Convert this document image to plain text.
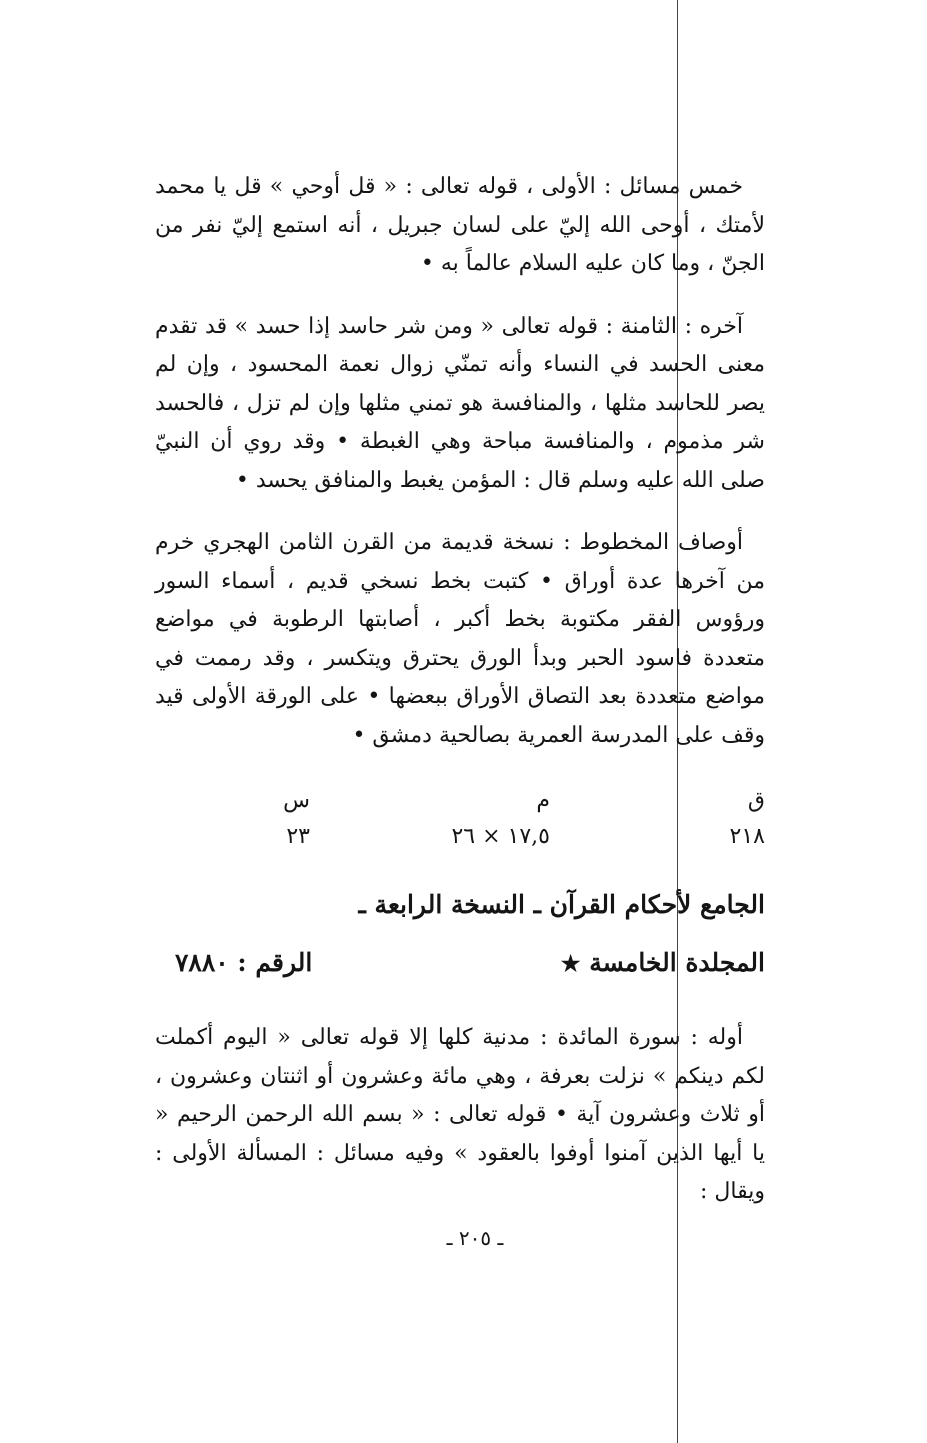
خمس مسائل : الأولى ، قوله تعالى : « قل أوحي » قل يا محمد لأمتك ، أوحى الله إليّ على لسان جبريل ، أنه استمع إليّ نفر من الجنّ ، وما كان عليه السلام عالماً به •

آخره : الثامنة : قوله تعالى « ومن شر حاسد إذا حسد » قد تقدم معنى الحسد في النساء وأنه تمنّي زوال نعمة المحسود ، وإن لم يصر للحاسد مثلها ، والمنافسة هو تمني مثلها وإن لم تزل ، فالحسد شر مذموم ، والمنافسة مباحة وهي الغبطة • وقد روي أن النبيّ صلى الله عليه وسلم قال : المؤمن يغبط والمنافق يحسد •

أوصاف المخطوط : نسخة قديمة من القرن الثامن الهجري خرم من آخرها عدة أوراق • كتبت بخط نسخي قديم ، أسماء السور ورؤوس الفقر مكتوبة بخط أكبر ، أصابتها الرطوبة في مواضع متعددة فاسود الحبر وبدأ الورق يحترق ويتكسر ، وقد رممت في مواضع متعددة بعد التصاق الأوراق ببعضها • على الورقة الأولى قيد وقف على المدرسة العمرية بصالحية دمشق •

ق
م
س
٢١٨
١٧,٥ × ٢٦
٢٣
الجامع لأحكام القرآن ـ النسخة الرابعة ـ
المجلدة الخامسة ★
الرقم : ٧٨٨٠

أوله : سورة المائدة : مدنية كلها إلا قوله تعالى « اليوم أكملت لكم دينكم » نزلت بعرفة ، وهي مائة وعشرون أو اثنتان وعشرون ، أو ثلاث وعشرون آية • قوله تعالى : « بسم الله الرحمن الرحيم « يا أيها الذين آمنوا أوفوا بالعقود » وفيه مسائل : المسألة الأولى : ويقال :

ـ ٢٠٥ ـ
